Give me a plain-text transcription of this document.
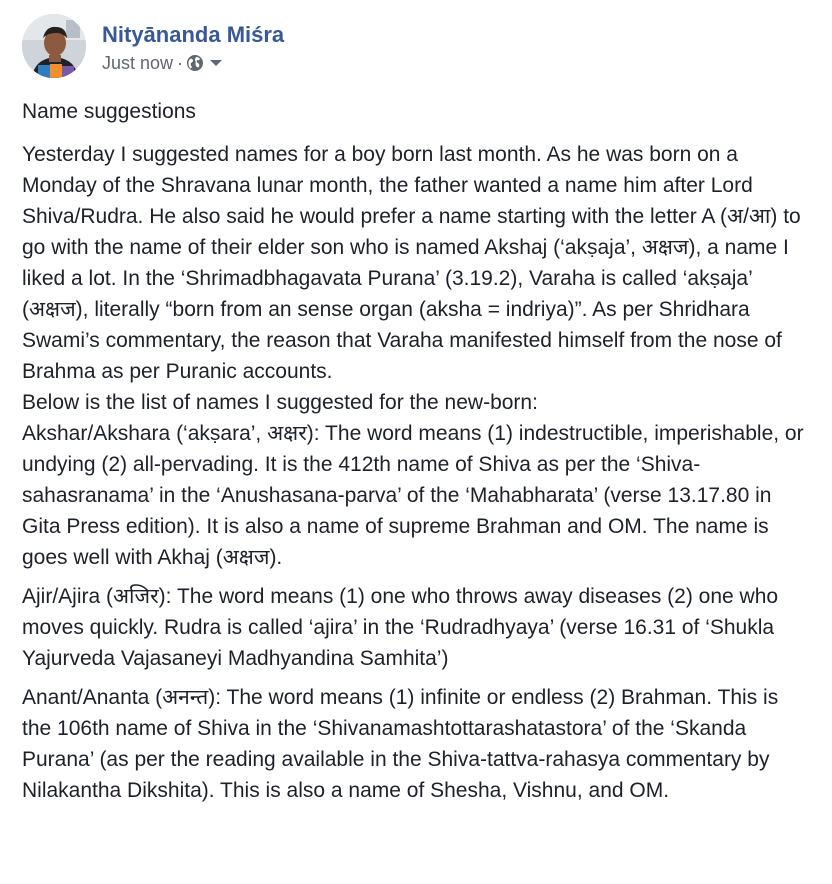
Nityānanda Miśra
Just now ·

Name suggestions

Yesterday I suggested names for a boy born last month. As he was born on a Monday of the Shravana lunar month, the father wanted a name him after Lord Shiva/Rudra. He also said he would prefer a name starting with the letter A (अ/आ) to go with the name of their elder son who is named Akshaj (‘akṣaja’, अक्षज), a name I liked a lot. In the ‘Shrimadbhagavata Purana’ (3.19.2), Varaha is called ‘akṣaja’ (अक्षज), literally “born from an sense organ (aksha = indriya)”. As per Shridhara Swami’s commentary, the reason that Varaha manifested himself from the nose of Brahma as per Puranic accounts.

Below is the list of names I suggested for the new-born:

Akshar/Akshara (‘akṣara’, अक्षर): The word means (1) indestructible, imperishable, or undying (2) all-pervading. It is the 412th name of Shiva as per the ‘Shiva-sahasranama’ in the ‘Anushasana-parva’ of the ‘Mahabharata’ (verse 13.17.80 in Gita Press edition). It is also a name of supreme Brahman and OM. The name is goes well with Akhaj (अक्षज).

Ajir/Ajira (अजिर): The word means (1) one who throws away diseases (2) one who moves quickly. Rudra is called ‘ajira’ in the ‘Rudradhyaya’ (verse 16.31 of ‘Shukla Yajurveda Vajasaneyi Madhyandina Samhita’)

Anant/Ananta (अनन्त): The word means (1) infinite or endless (2) Brahman. This is the 106th name of Shiva in the ‘Shivanamashtottarashatastora’ of the ‘Skanda Purana’ (as per the reading available in the Shiva-tattva-rahasya commentary by Nilakantha Dikshita). This is also a name of Shesha, Vishnu, and OM.
